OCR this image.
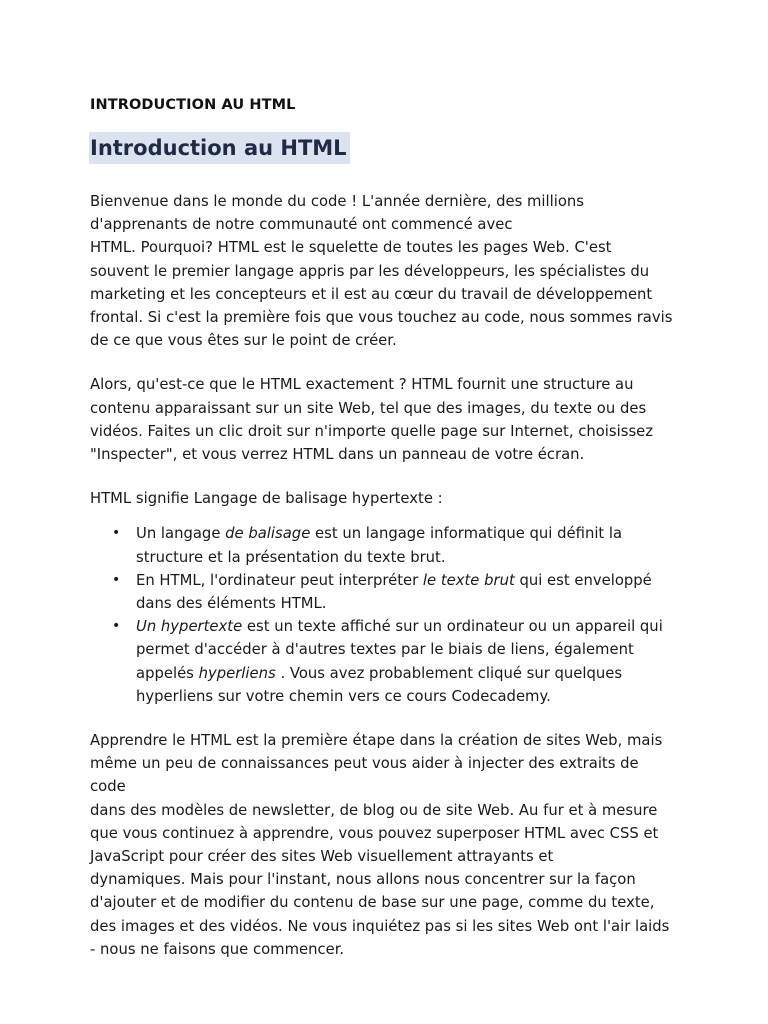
INTRODUCTION AU HTML
Introduction au HTML

Bienvenue dans le monde du code ! L'année dernière, des millions
d'apprenants de notre communauté ont commencé avec
HTML. Pourquoi? HTML est le squelette de toutes les pages Web. C'est
souvent le premier langage appris par les développeurs, les spécialistes du
marketing et les concepteurs et il est au cœur du travail de développement
frontal. Si c'est la première fois que vous touchez au code, nous sommes ravis
de ce que vous êtes sur le point de créer.

Alors, qu'est-ce que le HTML exactement ? HTML fournit une structure au
contenu apparaissant sur un site Web, tel que des images, du texte ou des
vidéos. Faites un clic droit sur n'importe quelle page sur Internet, choisissez
"Inspecter", et vous verrez HTML dans un panneau de votre écran.

HTML signifie Langage de balisage hypertexte :

• Un langage de balisage est un langage informatique qui définit la
structure et la présentation du texte brut.
• En HTML, l'ordinateur peut interpréter le texte brut qui est enveloppé
dans des éléments HTML.
• Un hypertexte est un texte affiché sur un ordinateur ou un appareil qui
permet d'accéder à d'autres textes par le biais de liens, également
appelés hyperliens . Vous avez probablement cliqué sur quelques
hyperliens sur votre chemin vers ce cours Codecademy.

Apprendre le HTML est la première étape dans la création de sites Web, mais
même un peu de connaissances peut vous aider à injecter des extraits de code
dans des modèles de newsletter, de blog ou de site Web. Au fur et à mesure
que vous continuez à apprendre, vous pouvez superposer HTML avec CSS et
JavaScript pour créer des sites Web visuellement attrayants et
dynamiques. Mais pour l'instant, nous allons nous concentrer sur la façon
d'ajouter et de modifier du contenu de base sur une page, comme du texte,
des images et des vidéos. Ne vous inquiétez pas si les sites Web ont l'air laids
- nous ne faisons que commencer.
